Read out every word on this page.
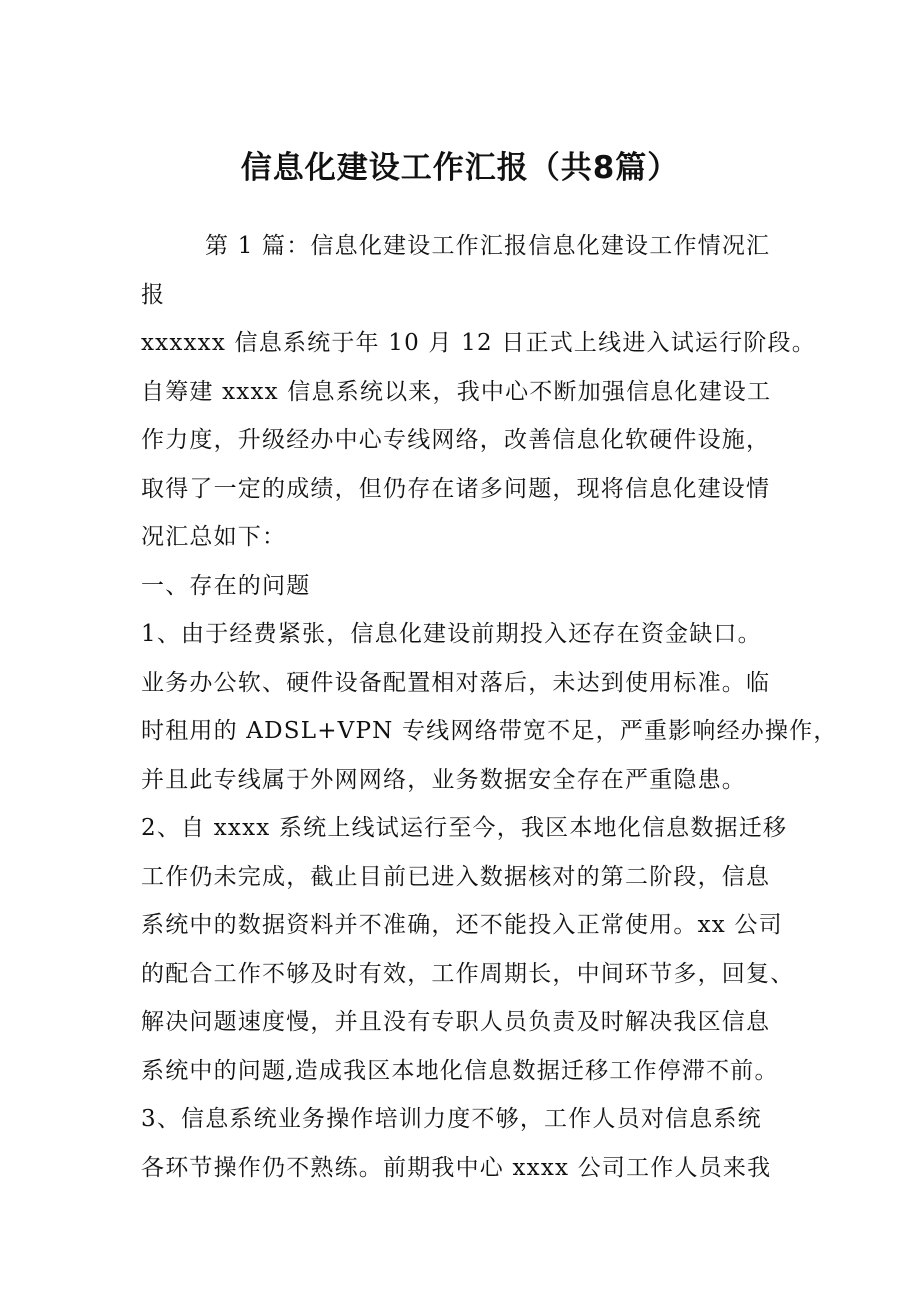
信息化建设工作汇报（共8篇）

第 1 篇：信息化建设工作汇报信息化建设工作情况汇
报

xxxxxx 信息系统于年 10 月 12 日正式上线进入试运行阶段。
自筹建 xxxx 信息系统以来，我中心不断加强信息化建设工
作力度，升级经办中心专线网络，改善信息化软硬件设施，
取得了一定的成绩，但仍存在诸多问题，现将信息化建设情
况汇总如下：

一、存在的问题

1、由于经费紧张，信息化建设前期投入还存在资金缺口。
业务办公软、硬件设备配置相对落后，未达到使用标准。临
时租用的 ADSL+VPN 专线网络带宽不足，严重影响经办操作，
并且此专线属于外网网络，业务数据安全存在严重隐患。

2、自 xxxx 系统上线试运行至今，我区本地化信息数据迁移
工作仍未完成，截止目前已进入数据核对的第二阶段，信息
系统中的数据资料并不准确，还不能投入正常使用。xx 公司
的配合工作不够及时有效，工作周期长，中间环节多，回复、
解决问题速度慢，并且没有专职人员负责及时解决我区信息
系统中的问题,造成我区本地化信息数据迁移工作停滞不前。

3、信息系统业务操作培训力度不够，工作人员对信息系统
各环节操作仍不熟练。前期我中心 xxxx 公司工作人员来我
